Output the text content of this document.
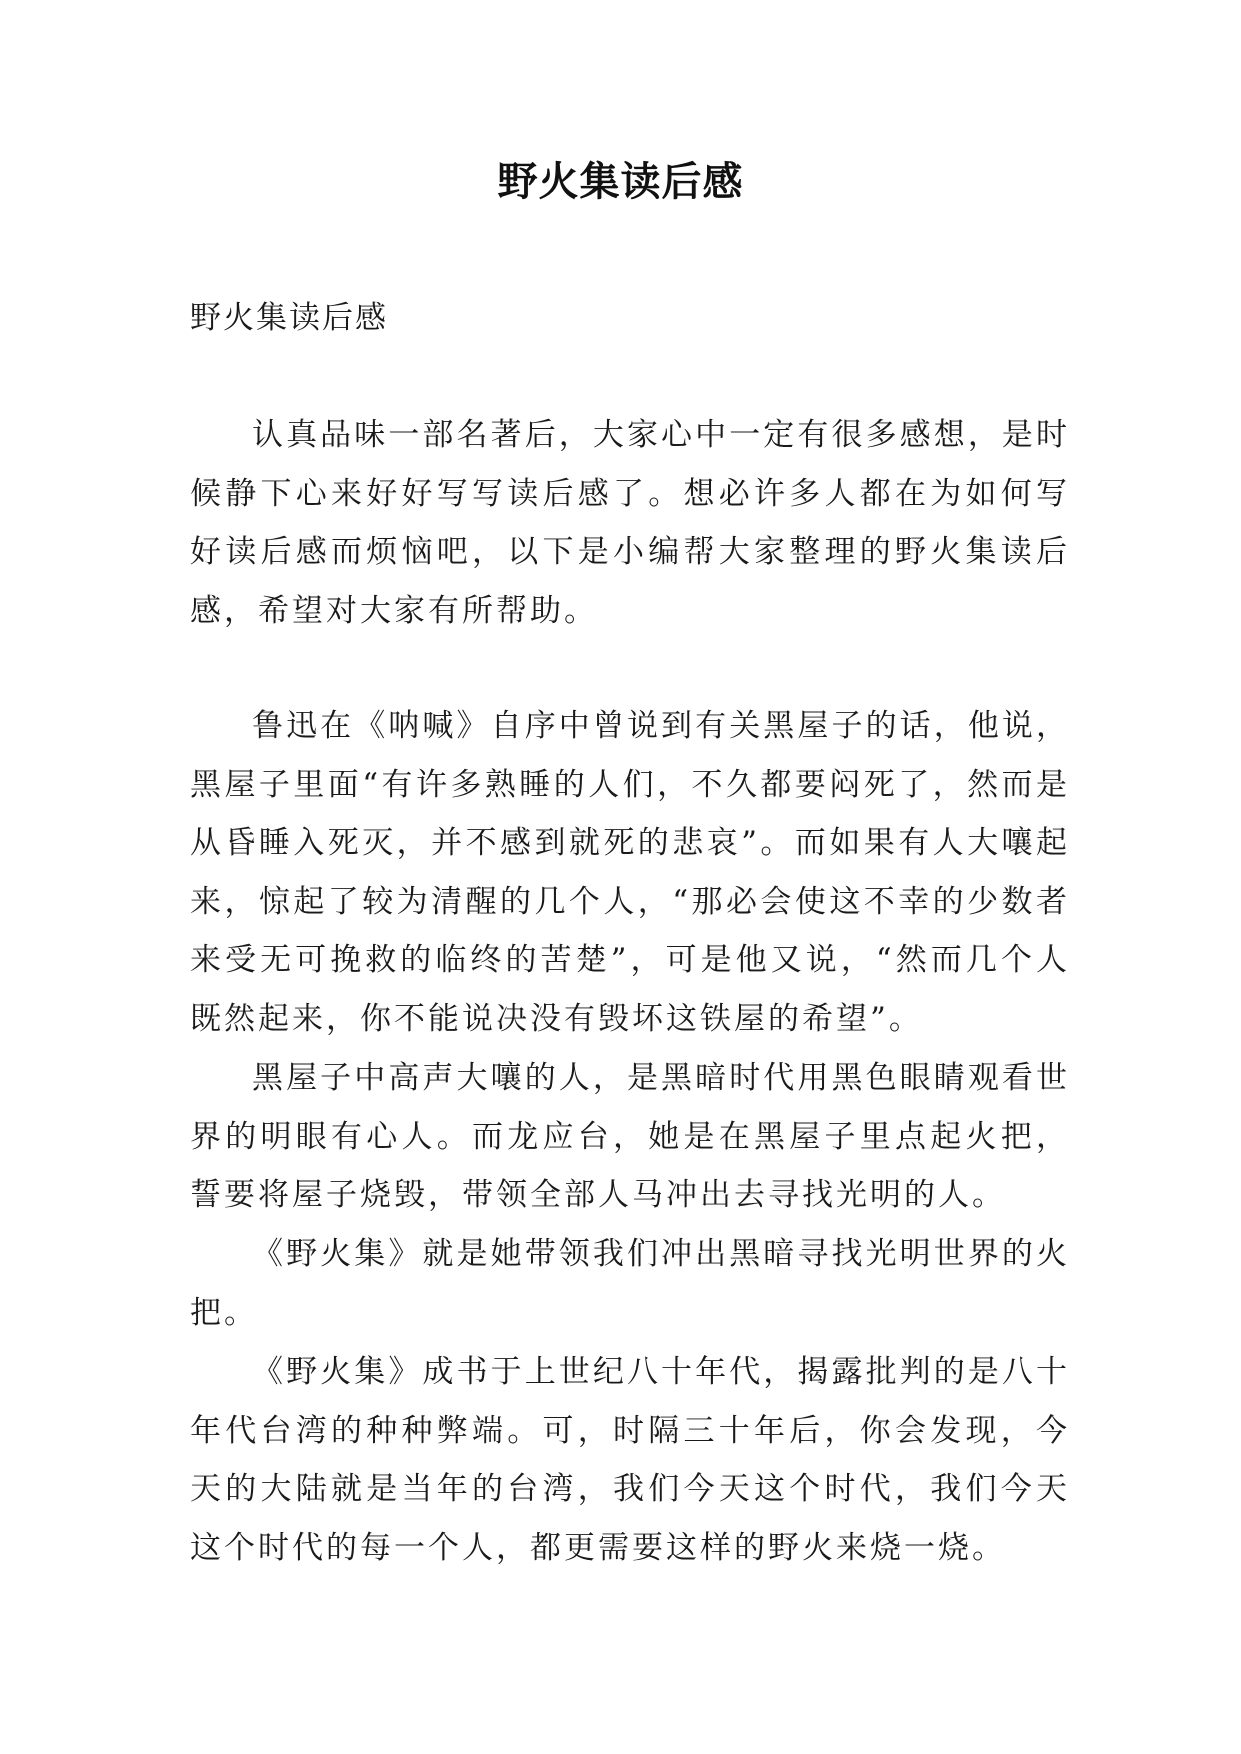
野火集读后感
野火集读后感

认真品味一部名著后，大家心中一定有很多感想，是时候静下心来好好写写读后感了。想必许多人都在为如何写好读后感而烦恼吧，以下是小编帮大家整理的野火集读后感，希望对大家有所帮助。

鲁迅在《呐喊》自序中曾说到有关黑屋子的话，他说，黑屋子里面“有许多熟睡的人们，不久都要闷死了，然而是从昏睡入死灭，并不感到就死的悲哀”。而如果有人大嚷起来，惊起了较为清醒的几个人，“那必会使这不幸的少数者来受无可挽救的临终的苦楚”，可是他又说，“然而几个人既然起来，你不能说决没有毁坏这铁屋的希望”。

黑屋子中高声大嚷的人，是黑暗时代用黑色眼睛观看世界的明眼有心人。而龙应台，她是在黑屋子里点起火把，誓要将屋子烧毁，带领全部人马冲出去寻找光明的人。

《野火集》就是她带领我们冲出黑暗寻找光明世界的火把。

《野火集》成书于上世纪八十年代，揭露批判的是八十年代台湾的种种弊端。可，时隔三十年后，你会发现，今天的大陆就是当年的台湾，我们今天这个时代，我们今天这个时代的每一个人，都更需要这样的野火来烧一烧。
